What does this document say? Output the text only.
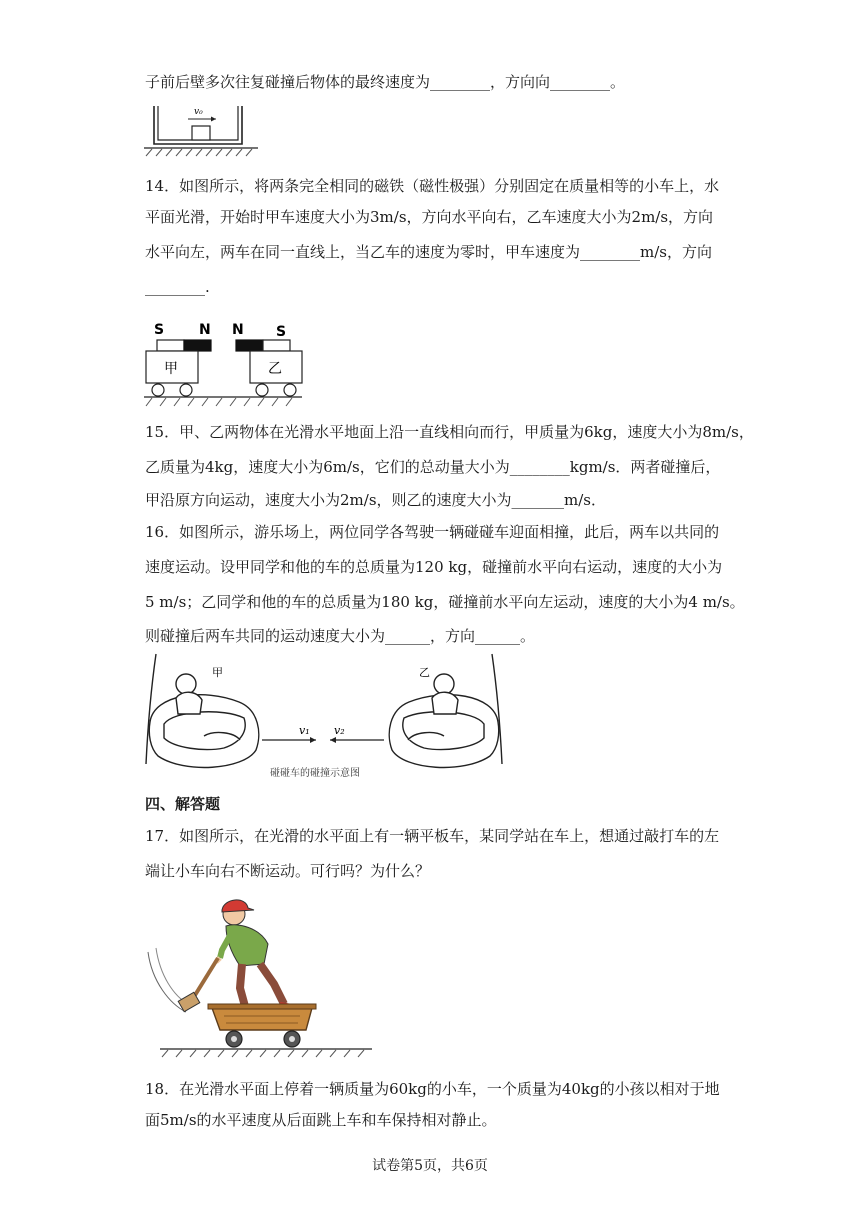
子前后壁多次往复碰撞后物体的最终速度为________，方向向________。
v₀
14．如图所示，将两条完全相同的磁铁（磁性极强）分别固定在质量相等的小车上，水
平面光滑，开始时甲车速度大小为3m/s，方向水平向右，乙车速度大小为2m/s，方向
水平向左，两车在同一直线上，当乙车的速度为零时，甲车速度为________m/s，方向
________.
S N N S
甲	乙
15．甲、乙两物体在光滑水平地面上沿一直线相向而行，甲质量为6kg，速度大小为8m/s，
乙质量为4kg，速度大小为6m/s，它们的总动量大小为________kgm/s．两者碰撞后，
甲沿原方向运动，速度大小为2m/s，则乙的速度大小为_______m/s．
16．如图所示，游乐场上，两位同学各驾驶一辆碰碰车迎面相撞，此后，两车以共同的
速度运动。设甲同学和他的车的总质量为120 kg，碰撞前水平向右运动，速度的大小为
5 m/s；乙同学和他的车的总质量为180 kg，碰撞前水平向左运动，速度的大小为4 m/s。
则碰撞后两车共同的运动速度大小为______，方向______。
甲	乙
v₁ v₂
碰碰车的碰撞示意图
四、解答题
17．如图所示，在光滑的水平面上有一辆平板车，某同学站在车上，想通过敲打车的左
端让小车向右不断运动。可行吗？为什么？
18．在光滑水平面上停着一辆质量为60kg的小车，一个质量为40kg的小孩以相对于地
面5m/s的水平速度从后面跳上车和车保持相对静止。
试卷第5页，共6页
